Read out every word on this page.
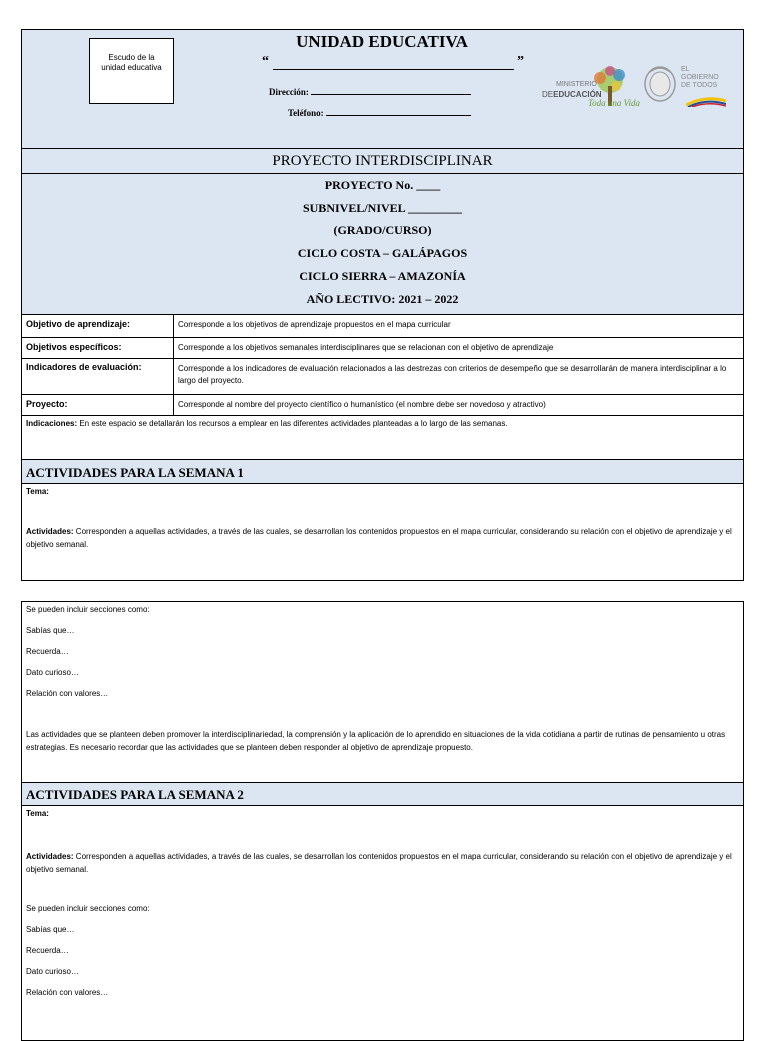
Escudo de la unidad educativa
UNIDAD EDUCATIVA
“	”
Dirección:
Teléfono:
MINISTERIO
DEEDUCACIÓN
Toda una Vida
EL
GOBIERNO
DE TODOS
PROYECTO INTERDISCIPLINAR
PROYECTO No. ____
SUBNIVEL/NIVEL _________
(GRADO/CURSO)
CICLO COSTA – GALÁPAGOS
CICLO SIERRA – AMAZONÍA
AÑO LECTIVO: 2021 – 2022
Objetivo de aprendizaje:	Corresponde a los objetivos de aprendizaje propuestos en el mapa curricular
Objetivos específicos:	Corresponde a los objetivos semanales interdisciplinares que se relacionan con el objetivo de aprendizaje
Indicadores de evaluación:	Corresponde a los indicadores de evaluación relacionados a las destrezas con criterios de desempeño que se desarrollarán de manera interdisciplinar a lo largo del proyecto.
Proyecto:	Corresponde al nombre del proyecto científico o humanístico (el nombre debe ser novedoso y atractivo)
Indicaciones: En este espacio se detallarán los recursos a emplear en las diferentes actividades planteadas a lo largo de las semanas.
ACTIVIDADES PARA LA SEMANA 1
Tema:
Actividades: Corresponden a aquellas actividades, a través de las cuales, se desarrollan los contenidos propuestos en el mapa curricular, considerando su relación con el objetivo de aprendizaje y el objetivo semanal.
Se pueden incluir secciones como:
Sabías que…
Recuerda…
Dato curioso…
Relación con valores…
Las actividades que se planteen deben promover la interdisciplinariedad, la comprensión y la aplicación de lo aprendido en situaciones de la vida cotidiana a partir de rutinas de pensamiento u otras estrategias. Es necesario recordar que las actividades que se planteen deben responder al objetivo de aprendizaje propuesto.
ACTIVIDADES PARA LA SEMANA 2
Tema:
Actividades: Corresponden a aquellas actividades, a través de las cuales, se desarrollan los contenidos propuestos en el mapa curricular, considerando su relación con el objetivo de aprendizaje y el objetivo semanal.
Se pueden incluir secciones como:
Sabías que…
Recuerda…
Dato curioso…
Relación con valores…
